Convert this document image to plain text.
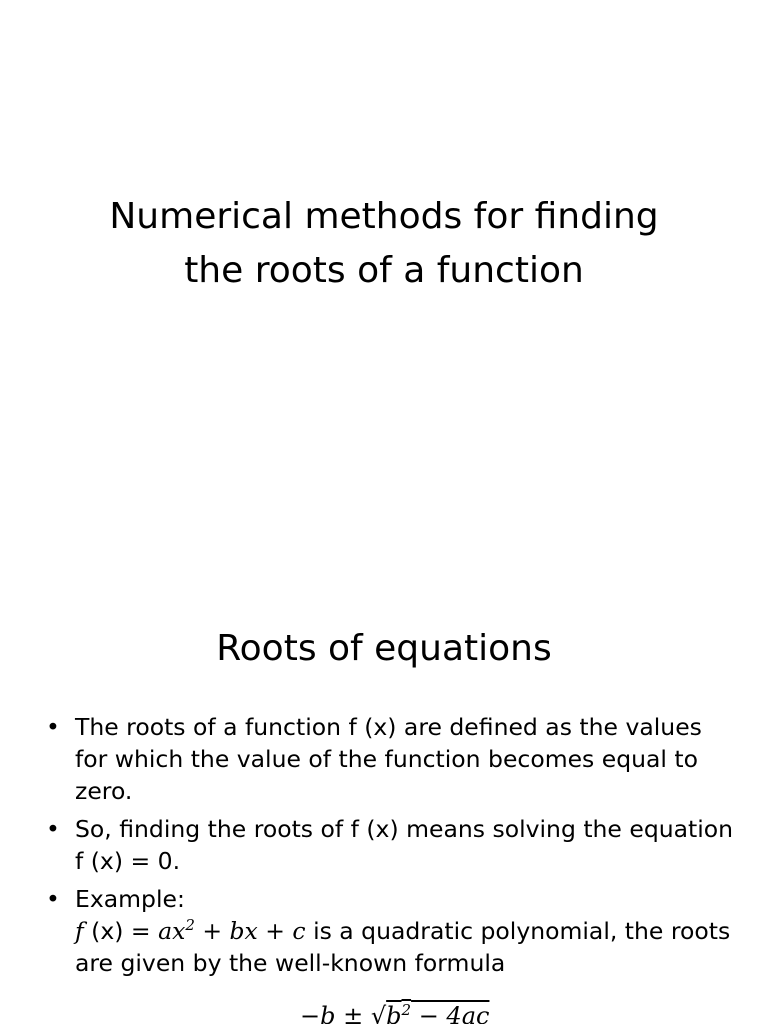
Numerical methods for finding
the roots of a function
Roots of equations
• The roots of a function f (x) are defined as the values for which the value of the function becomes equal to zero.
• So, finding the roots of f (x) means solving the equation f (x) = 0.
• Example:
f $(x) = ax^2$ + bx + c is a quadratic polynomial, the roots are given by the well-known formula
$-b \pm √b^2 - 4ac$
